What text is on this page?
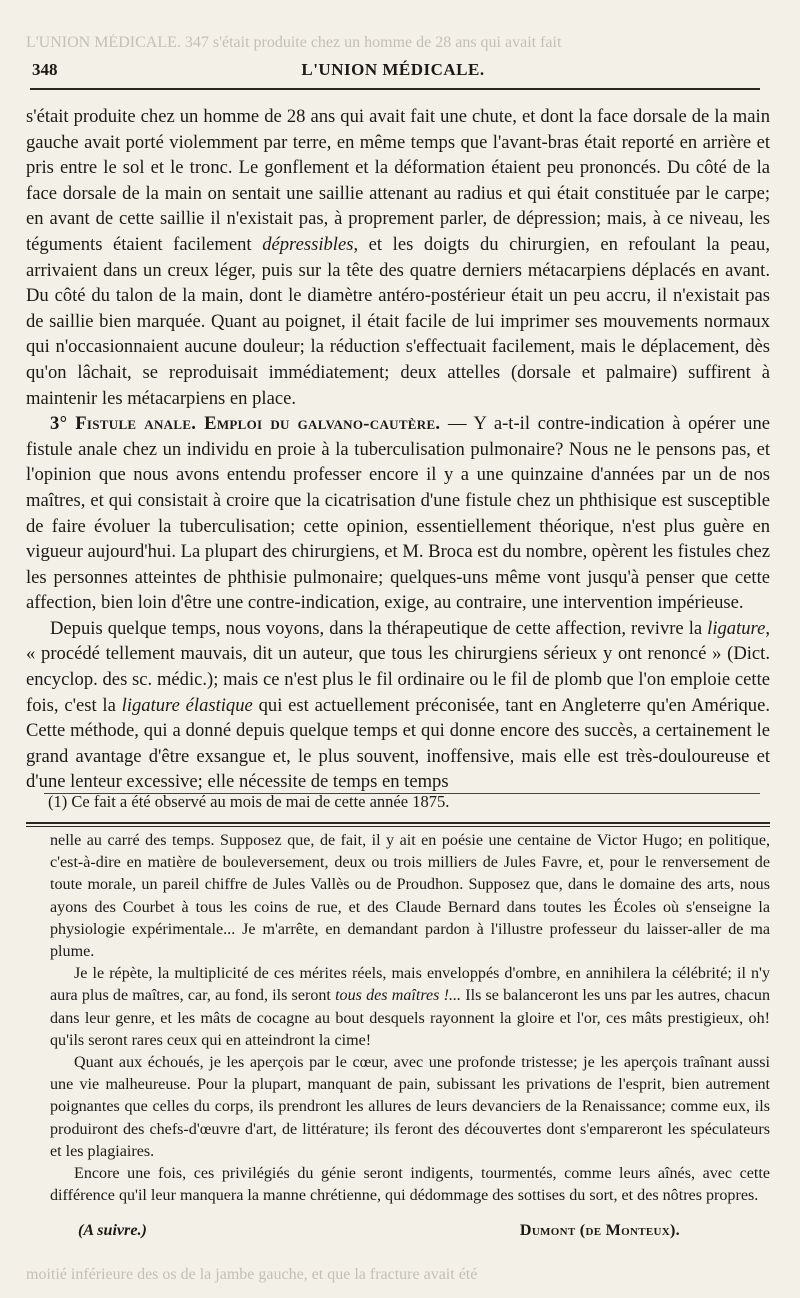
L'UNION MÉDICALE. 347 s'était produite chez un homme de 28 ans qui avait fait
348	L'UNION MÉDICALE.

s'était produite chez un homme de 28 ans qui avait fait une chute, et dont la face dorsale de la main gauche avait porté violemment par terre, en même temps que l'avant-bras était reporté en arrière et pris entre le sol et le tronc. Le gonflement et la déformation étaient peu prononcés. Du côté de la face dorsale de la main on sentait une saillie attenant au radius et qui était constituée par le carpe; en avant de cette saillie il n'existait pas, à proprement parler, de dépression; mais, à ce niveau, les téguments étaient facilement dépressibles, et les doigts du chirurgien, en refoulant la peau, arrivaient dans un creux léger, puis sur la tête des quatre derniers métacarpiens déplacés en avant. Du côté du talon de la main, dont le diamètre antéro-postérieur était un peu accru, il n'existait pas de saillie bien marquée. Quant au poignet, il était facile de lui imprimer ses mouvements normaux qui n'occasionnaient aucune douleur; la réduction s'effectuait facilement, mais le déplacement, dès qu'on lâchait, se reproduisait immédiatement; deux attelles (dorsale et palmaire) suffirent à maintenir les métacarpiens en place.

3° Fistule anale. Emploi du galvano-cautère. — Y a-t-il contre-indication à opérer une fistule anale chez un individu en proie à la tuberculisation pulmonaire? Nous ne le pensons pas, et l'opinion que nous avons entendu professer encore il y a une quinzaine d'années par un de nos maîtres, et qui consistait à croire que la cicatrisation d'une fistule chez un phthisique est susceptible de faire évoluer la tuberculisation; cette opinion, essentiellement théorique, n'est plus guère en vigueur aujourd'hui. La plupart des chirurgiens, et M. Broca est du nombre, opèrent les fistules chez les personnes atteintes de phthisie pulmonaire; quelques-uns même vont jusqu'à penser que cette affection, bien loin d'être une contre-indication, exige, au contraire, une intervention impérieuse.

Depuis quelque temps, nous voyons, dans la thérapeutique de cette affection, revivre la ligature, « procédé tellement mauvais, dit un auteur, que tous les chirurgiens sérieux y ont renoncé » (Dict. encyclop. des sc. médic.); mais ce n'est plus le fil ordinaire ou le fil de plomb que l'on emploie cette fois, c'est la ligature élastique qui est actuellement préconisée, tant en Angleterre qu'en Amérique. Cette méthode, qui a donné depuis quelque temps et qui donne encore des succès, a certainement le grand avantage d'être exsangue et, le plus souvent, inoffensive, mais elle est très-douloureuse et d'une lenteur excessive; elle nécessite de temps en temps

(1) Ce fait a été observé au mois de mai de cette année 1875.

nelle au carré des temps. Supposez que, de fait, il y ait en poésie une centaine de Victor Hugo; en politique, c'est-à-dire en matière de bouleversement, deux ou trois milliers de Jules Favre, et, pour le renversement de toute morale, un pareil chiffre de Jules Vallès ou de Proudhon. Supposez que, dans le domaine des arts, nous ayons des Courbet à tous les coins de rue, et des Claude Bernard dans toutes les Écoles où s'enseigne la physiologie expérimentale... Je m'arrête, en demandant pardon à l'illustre professeur du laisser-aller de ma plume.

Je le répète, la multiplicité de ces mérites réels, mais enveloppés d'ombre, en annihilera la célébrité; il n'y aura plus de maîtres, car, au fond, ils seront tous des maîtres !... Ils se balanceront les uns par les autres, chacun dans leur genre, et les mâts de cocagne au bout desquels rayonnent la gloire et l'or, ces mâts prestigieux, oh! qu'ils seront rares ceux qui en atteindront la cime!

Quant aux échoués, je les aperçois par le cœur, avec une profonde tristesse; je les aperçois traînant aussi une vie malheureuse. Pour la plupart, manquant de pain, subissant les privations de l'esprit, bien autrement poignantes que celles du corps, ils prendront les allures de leurs devanciers de la Renaissance; comme eux, ils produiront des chefs-d'œuvre d'art, de littérature; ils feront des découvertes dont s'empareront les spéculateurs et les plagiaires.

Encore une fois, ces privilégiés du génie seront indigents, tourmentés, comme leurs aînés, avec cette différence qu'il leur manquera la manne chrétienne, qui dédommage des sottises du sort, et des nôtres propres.

(A suivre.)	Dumont (de Monteux).
moitié inférieure des os de la jambe gauche, et que la fracture avait été
